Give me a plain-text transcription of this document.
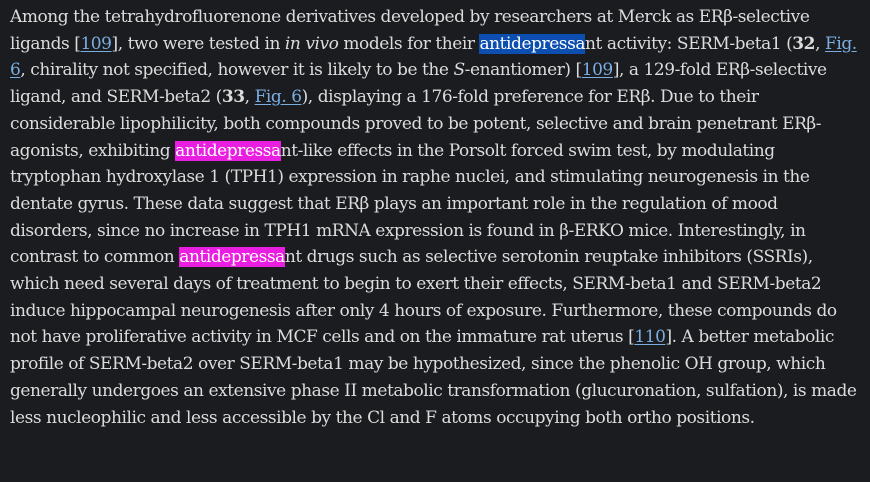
Among the tetrahydrofluorenone derivatives developed by researchers at Merck as ERβ-selective ligands [109], two were tested in in vivo models for their antidepressant activity: SERM-beta1 (32, Fig. 6, chirality not specified, however it is likely to be the S-enantiomer) [109], a 129-fold ERβ-selective ligand, and SERM-beta2 (33, Fig. 6), displaying a 176-fold preference for ERβ. Due to their considerable lipophilicity, both compounds proved to be potent, selective and brain penetrant ERβ-agonists, exhibiting antidepressant-like effects in the Porsolt forced swim test, by modulating tryptophan hydroxylase 1 (TPH1) expression in raphe nuclei, and stimulating neurogenesis in the dentate gyrus. These data suggest that ERβ plays an important role in the regulation of mood disorders, since no increase in TPH1 mRNA expression is found in β-ERKO mice. Interestingly, in contrast to common antidepressant drugs such as selective serotonin reuptake inhibitors (SSRIs), which need several days of treatment to begin to exert their effects, SERM-beta1 and SERM-beta2 induce hippocampal neurogenesis after only 4 hours of exposure. Furthermore, these compounds do not have proliferative activity in MCF cells and on the immature rat uterus [110]. A better metabolic profile of SERM-beta2 over SERM-beta1 may be hypothesized, since the phenolic OH group, which generally undergoes an extensive phase II metabolic transformation (glucuronation, sulfation), is made less nucleophilic and less accessible by the Cl and F atoms occupying both ortho positions.
